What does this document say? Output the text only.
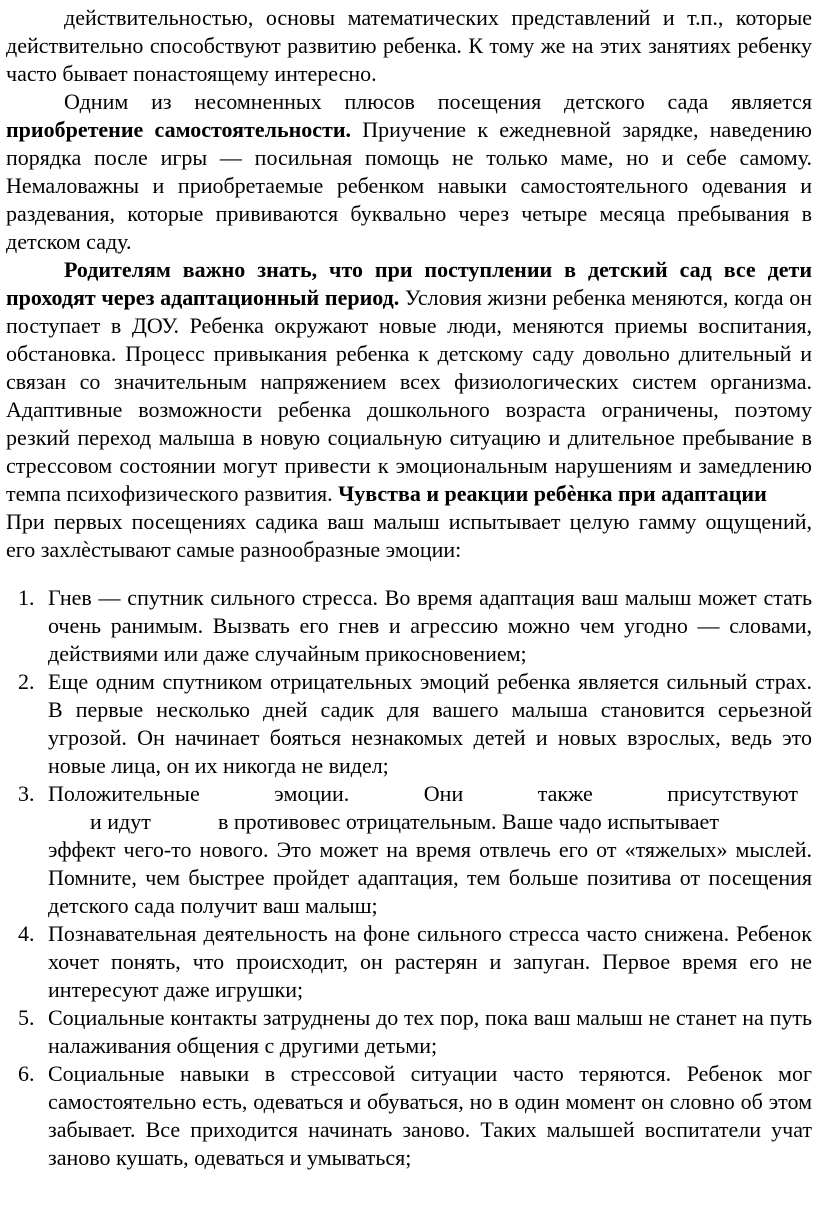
действительностью, основы математических представлений и т.п., которые действительно способствуют развитию ребенка. К тому же на этих занятиях ребенку часто бывает понастоящему интересно.

Одним из несомненных плюсов посещения детского сада является приобретение самостоятельности. Приучение к ежедневной зарядке, наведению порядка после игры — посильная помощь не только маме, но и себе самому. Немаловажны и приобретаемые ребенком навыки самостоятельного одевания и раздевания, которые прививаются буквально через четыре месяца пребывания в детском саду.

Родителям важно знать, что при поступлении в детский сад все дети проходят через адаптационный период. Условия жизни ребенка меняются, когда он поступает в ДОУ. Ребенка окружают новые люди, меняются приемы воспитания, обстановка. Процесс привыкания ребенка к детскому саду довольно длительный и связан со значительным напряжением всех физиологических систем организма. Адаптивные возможности ребенка дошкольного возраста ограничены, поэтому резкий переход малыша в новую социальную ситуацию и длительное пребывание в стрессовом состоянии могут привести к эмоциональным нарушениям и замедлению темпа психофизического развития. Чувства и реакции ребѐнка при адаптации

При первых посещениях садика ваш малыш испытывает целую гамму ощущений, его захлѐстывают самые разнообразные эмоции:

1. Гнев — спутник сильного стресса. Во время адаптация ваш малыш может стать очень ранимым. Вызвать его гнев и агрессию можно чем угодно — словами, действиями или даже случайным прикосновением;
2. Еще одним спутником отрицательных эмоций ребенка является сильный страх. В первые несколько дней садик для вашего малыша становится серьезной угрозой. Он начинает бояться незнакомых детей и новых взрослых, ведь это новые лица, он их никогда не видел;
3. Положительные	эмоции.	Они	также	присутствуют
и идут	в противовес отрицательным. Ваше чадо испытывает
эффект чего-то нового. Это может на время отвлечь его от «тяжелых» мыслей. Помните, чем быстрее пройдет адаптация, тем больше позитива от посещения детского сада получит ваш малыш;
4. Познавательная деятельность на фоне сильного стресса часто снижена. Ребенок хочет понять, что происходит, он растерян и запуган. Первое время его не интересуют даже игрушки;
5. Социальные контакты затруднены до тех пор, пока ваш малыш не станет на путь налаживания общения с другими детьми;
6. Социальные навыки в стрессовой ситуации часто теряются. Ребенок мог самостоятельно есть, одеваться и обуваться, но в один момент он словно об этом забывает. Все приходится начинать заново. Таких малышей воспитатели учат заново кушать, одеваться и умываться;
